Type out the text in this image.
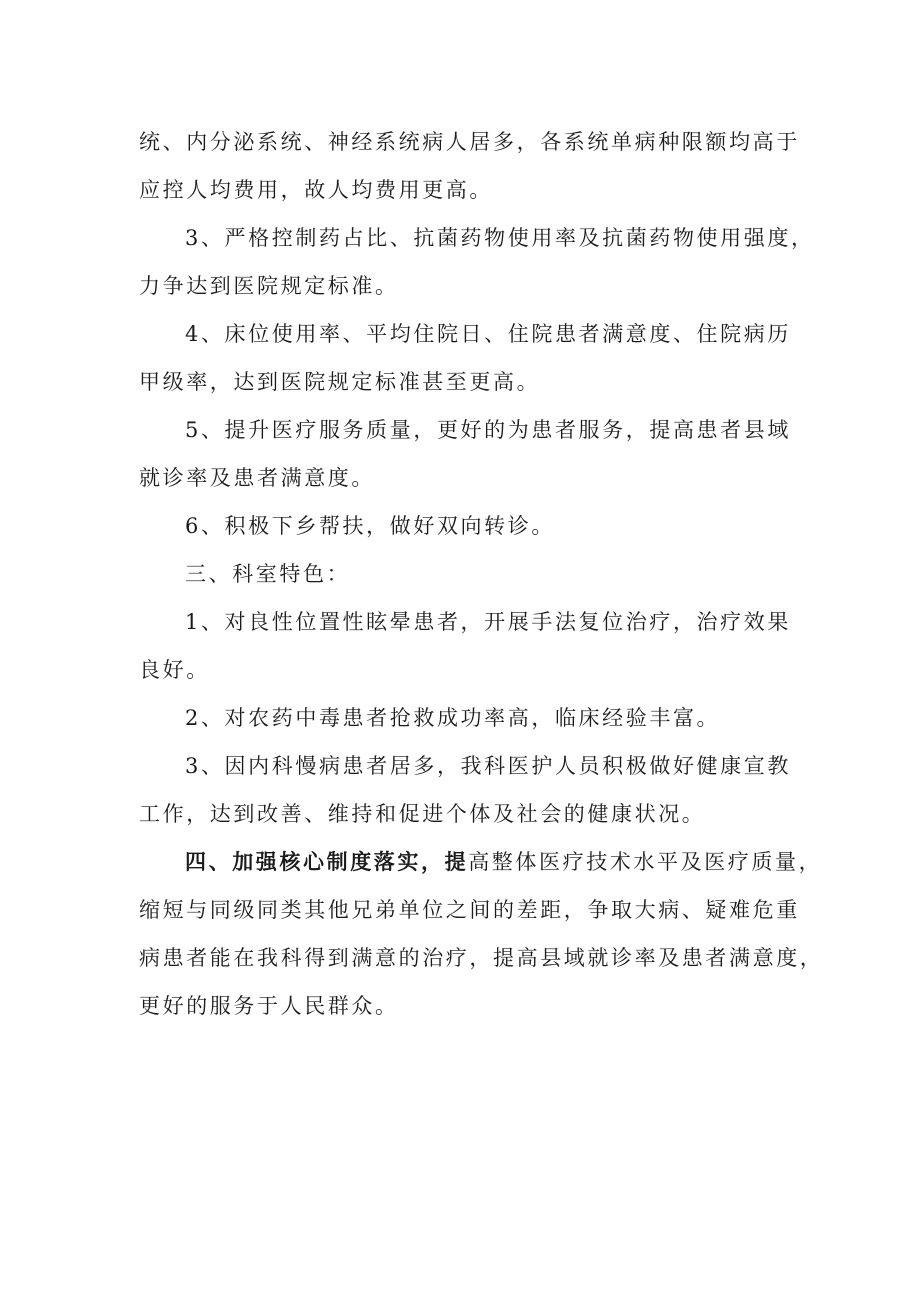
统、内分泌系统、神经系统病人居多，各系统单病种限额均高于
应控人均费用，故人均费用更高。
3、严格控制药占比、抗菌药物使用率及抗菌药物使用强度，
力争达到医院规定标准。
4、床位使用率、平均住院日、住院患者满意度、住院病历
甲级率，达到医院规定标准甚至更高。
5、提升医疗服务质量，更好的为患者服务，提高患者县域
就诊率及患者满意度。
6、积极下乡帮扶，做好双向转诊。
三、科室特色：
1、对良性位置性眩晕患者，开展手法复位治疗，治疗效果
良好。
2、对农药中毒患者抢救成功率高，临床经验丰富。
3、因内科慢病患者居多，我科医护人员积极做好健康宣教
工作，达到改善、维持和促进个体及社会的健康状况。
四、加强核心制度落实，提高整体医疗技术水平及医疗质量，
缩短与同级同类其他兄弟单位之间的差距，争取大病、疑难危重
病患者能在我科得到满意的治疗，提高县域就诊率及患者满意度，
更好的服务于人民群众。
